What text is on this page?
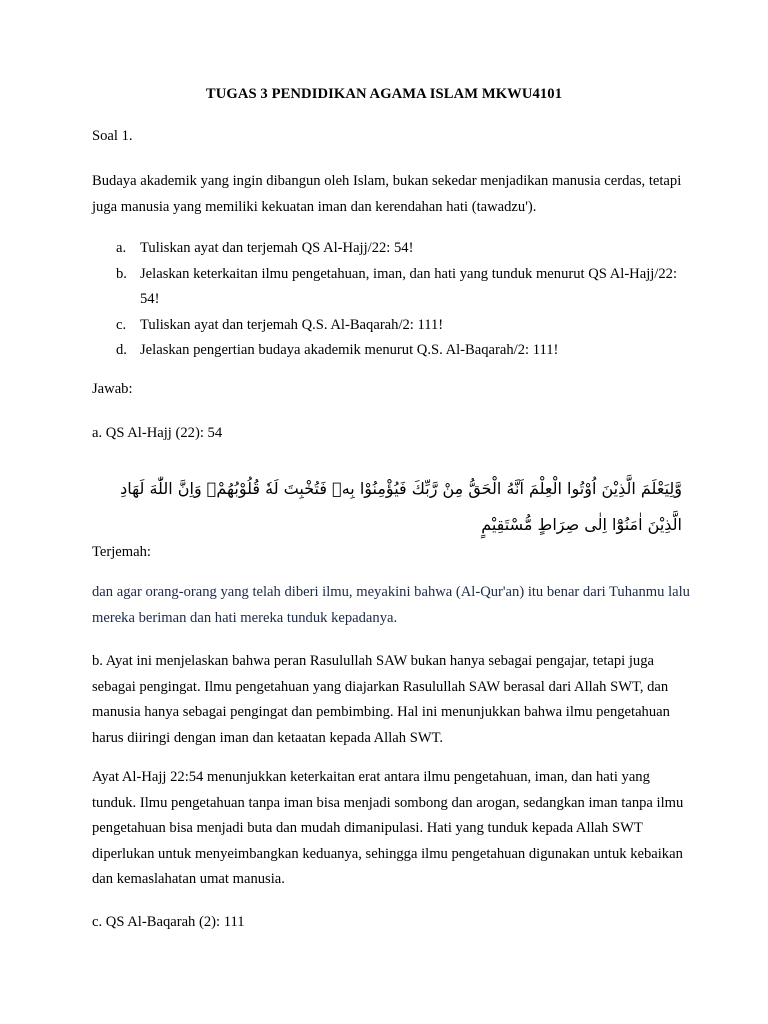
TUGAS 3 PENDIDIKAN AGAMA ISLAM MKWU4101

Soal 1.

Budaya akademik yang ingin dibangun oleh Islam, bukan sekedar menjadikan manusia cerdas, tetapi juga manusia yang memiliki kekuatan iman dan kerendahan hati (tawadzu').

a. Tuliskan ayat dan terjemah QS Al-Hajj/22: 54!
b. Jelaskan keterkaitan ilmu pengetahuan, iman, dan hati yang tunduk menurut QS Al-Hajj/22: 54!
c. Tuliskan ayat dan terjemah Q.S. Al-Baqarah/2: 111!
d. Jelaskan pengertian budaya akademik menurut Q.S. Al-Baqarah/2: 111!

Jawab:

a. QS Al-Hajj (22): 54

وَّلِيَعْلَمَ الَّذِيْنَ اُوْتُوا الْعِلْمَ اَنَّهُ الْحَقُّ مِنْ رَّبِّكَ فَيُؤْمِنُوْا بِهٖ فَتُخْبِتَ لَهٗ قُلُوْبُهُمْۗ وَاِنَّ اللّٰهَ لَهَادِ الَّذِيْنَ اٰمَنُوْٓا اِلٰى صِرَاطٍ مُّسْتَقِيْمٍ

Terjemah:

dan agar orang-orang yang telah diberi ilmu, meyakini bahwa (Al-Qur'an) itu benar dari Tuhanmu lalu mereka beriman dan hati mereka tunduk kepadanya.

b. Ayat ini menjelaskan bahwa peran Rasulullah SAW bukan hanya sebagai pengajar, tetapi juga sebagai pengingat. Ilmu pengetahuan yang diajarkan Rasulullah SAW berasal dari Allah SWT, dan manusia hanya sebagai pengingat dan pembimbing. Hal ini menunjukkan bahwa ilmu pengetahuan harus diiringi dengan iman dan ketaatan kepada Allah SWT.

Ayat Al-Hajj 22:54 menunjukkan keterkaitan erat antara ilmu pengetahuan, iman, dan hati yang tunduk. Ilmu pengetahuan tanpa iman bisa menjadi sombong dan arogan, sedangkan iman tanpa ilmu pengetahuan bisa menjadi buta dan mudah dimanipulasi. Hati yang tunduk kepada Allah SWT diperlukan untuk menyeimbangkan keduanya, sehingga ilmu pengetahuan digunakan untuk kebaikan dan kemaslahatan umat manusia.

c. QS Al-Baqarah (2): 111
